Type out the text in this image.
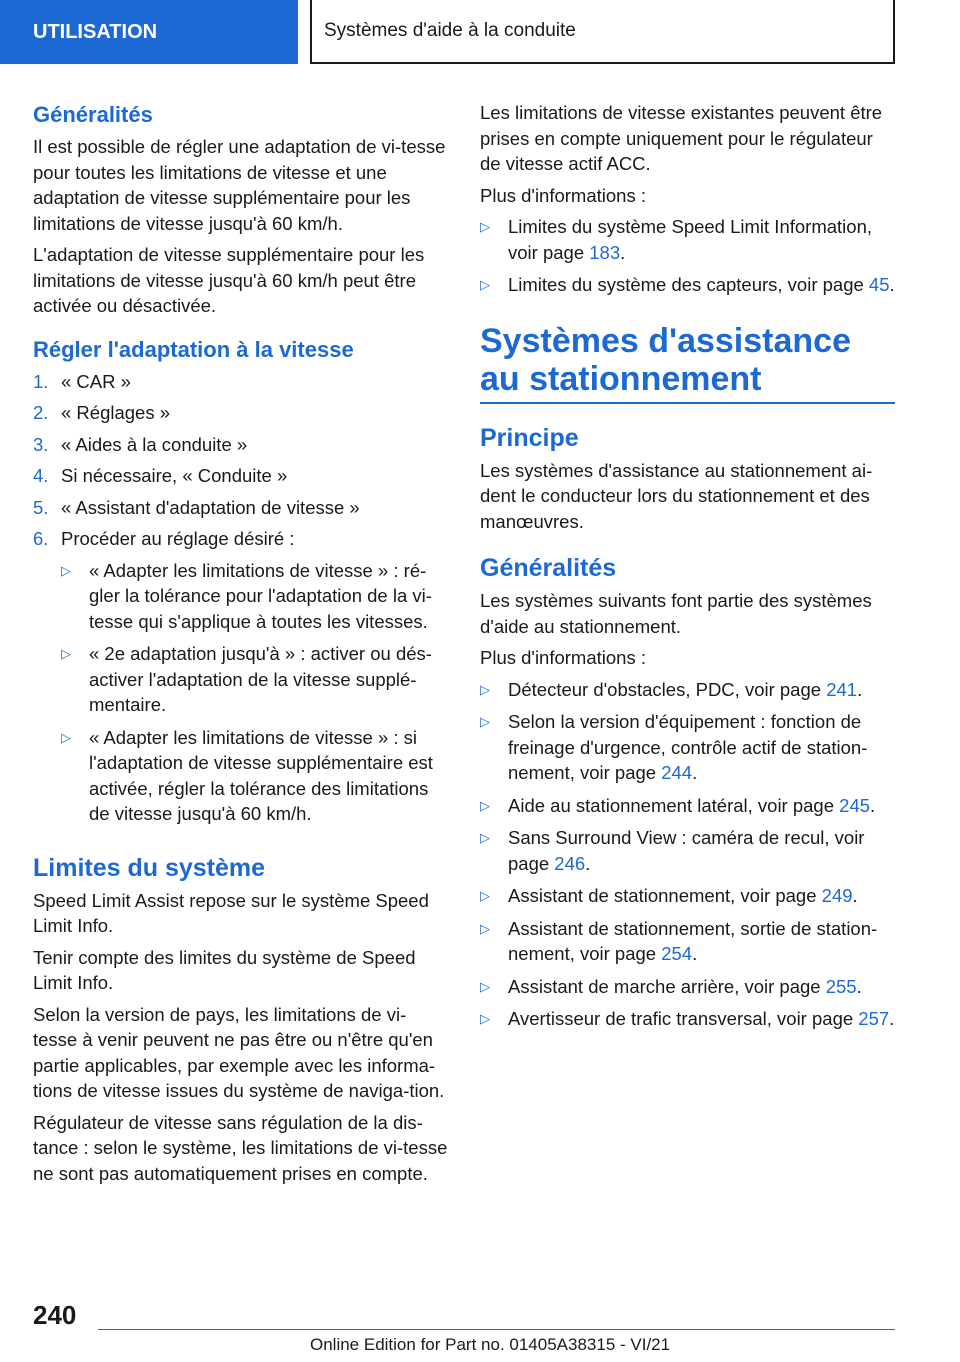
UTILISATION	Systèmes d'aide à la conduite
Généralités

Il est possible de régler une adaptation de vi-tesse pour toutes les limitations de vitesse et une adaptation de vitesse supplémentaire pour les limitations de vitesse jusqu'à 60 km/h.

L'adaptation de vitesse supplémentaire pour les limitations de vitesse jusqu'à 60 km/h peut être activée ou désactivée.

Régler l'adaptation à la vitesse
1. « CAR »
2. « Réglages »
3. « Aides à la conduite »
4. Si nécessaire, « Conduite »
5. « Assistant d'adaptation de vitesse »
6. Procéder au réglage désiré :
▷ « Adapter les limitations de vitesse » : ré-gler la tolérance pour l'adaptation de la vi-tesse qui s'applique à toutes les vitesses.
▷ « 2e adaptation jusqu'à » : activer ou dés-activer l'adaptation de la vitesse supplé-mentaire.
▷ « Adapter les limitations de vitesse » : si l'adaptation de vitesse supplémentaire est activée, régler la tolérance des limitations de vitesse jusqu'à 60 km/h.
Limites du système

Speed Limit Assist repose sur le système Speed Limit Info.

Tenir compte des limites du système de Speed Limit Info.

Selon la version de pays, les limitations de vi-tesse à venir peuvent ne pas être ou n'être qu'en partie applicables, par exemple avec les informa-tions de vitesse issues du système de naviga-tion.

Régulateur de vitesse sans régulation de la dis-tance : selon le système, les limitations de vi-tesse ne sont pas automatiquement prises en compte.

Les limitations de vitesse existantes peuvent être prises en compte uniquement pour le régulateur de vitesse actif ACC.

Plus d'informations :

▷ Limites du système Speed Limit Information, voir page 183.
▷ Limites du système des capteurs, voir page 45.
Systèmes d'assistance au stationnement
Principe

Les systèmes d'assistance au stationnement ai-dent le conducteur lors du stationnement et des manœuvres.

Généralités

Les systèmes suivants font partie des systèmes d'aide au stationnement.

Plus d'informations :

▷ Détecteur d'obstacles, PDC, voir page 241.
▷ Selon la version d'équipement : fonction de freinage d'urgence, contrôle actif de station-nement, voir page 244.
▷ Aide au stationnement latéral, voir page 245.
▷ Sans Surround View : caméra de recul, voir page 246.
▷ Assistant de stationnement, voir page 249.
▷ Assistant de stationnement, sortie de station-nement, voir page 254.
▷ Assistant de marche arrière, voir page 255.
▷ Avertisseur de trafic transversal, voir page 257.
240
Online Edition for Part no. 01405A38315 - VI/21
